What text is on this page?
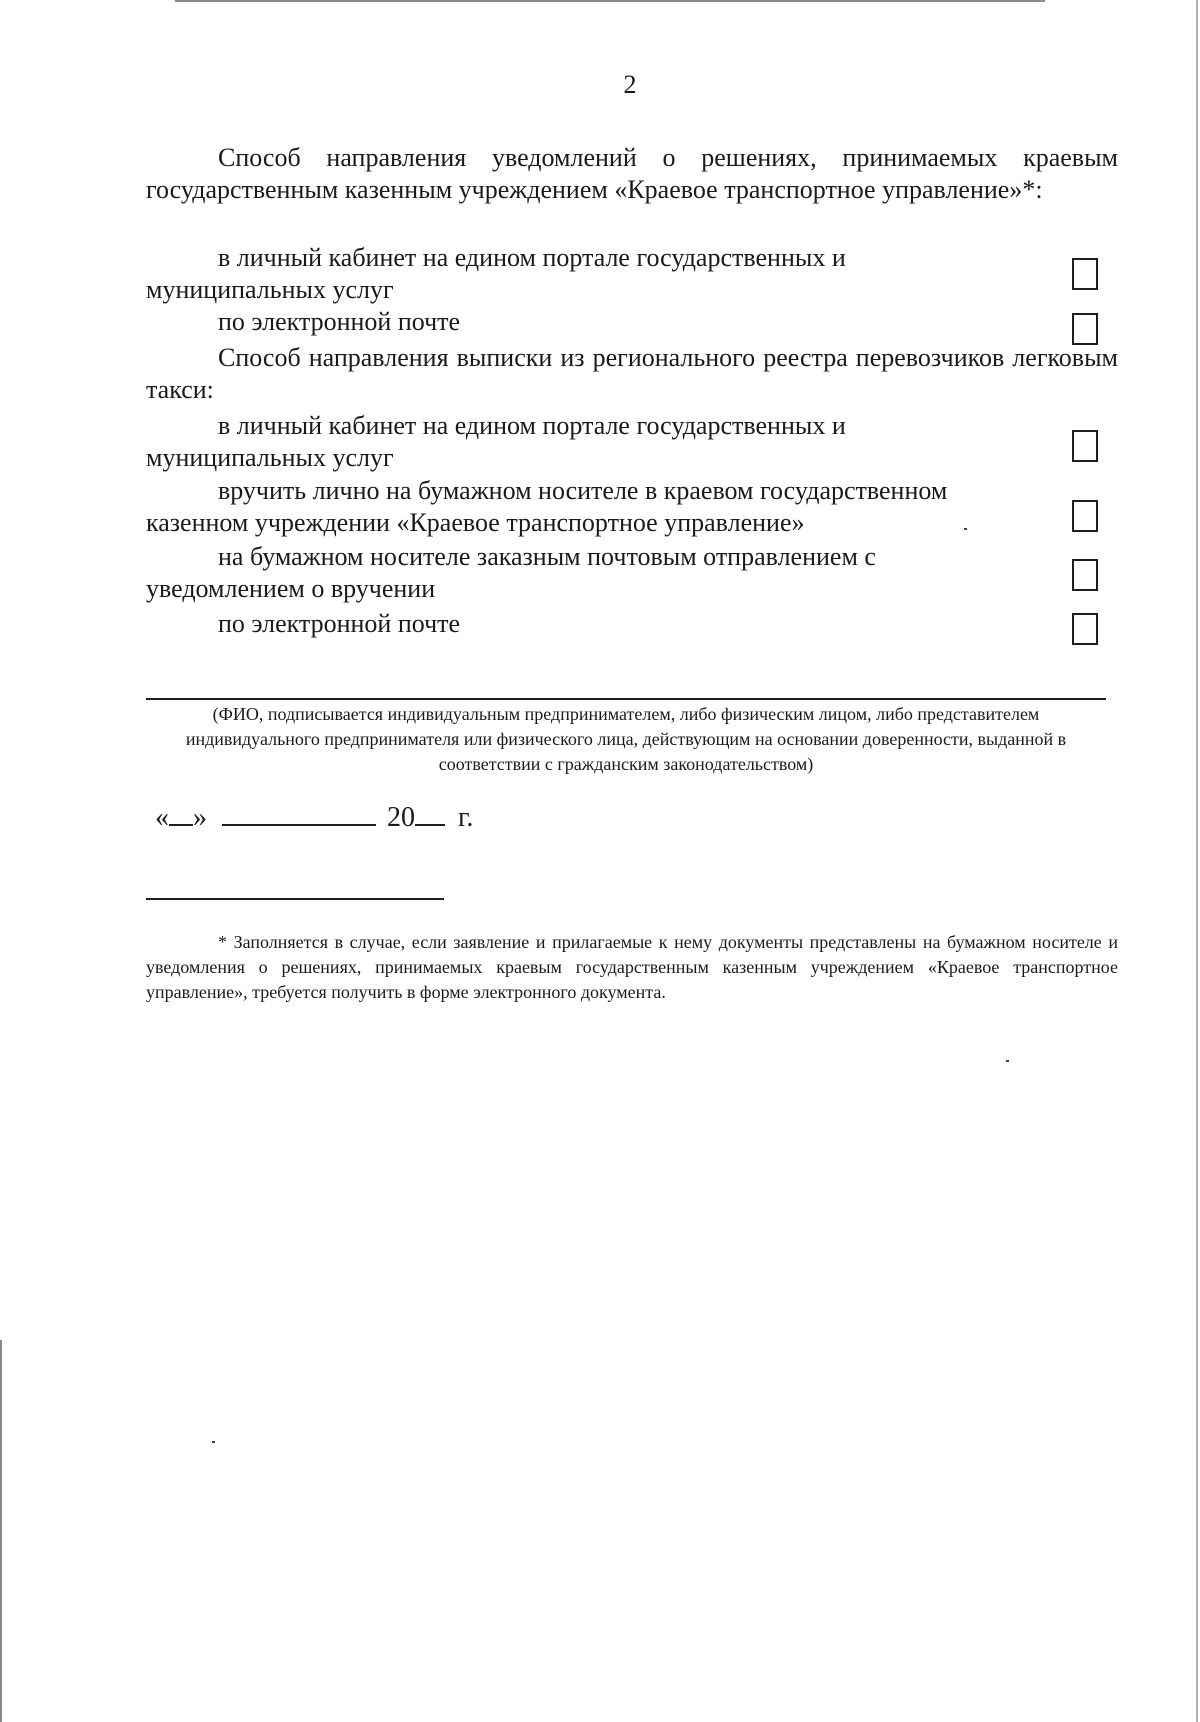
2

Способ направления уведомлений о решениях, принимаемых краевым государственным казенным учреждением «Краевое транспортное управление»*:

в личный кабинет на едином портале государственных и муниципальных услуг

по электронной почте

Способ направления выписки из регионального реестра перевозчиков легковым такси:

в личный кабинет на едином портале государственных и муниципальных услуг

вручить лично на бумажном носителе в краевом государственном казенном учреждении «Краевое транспортное управление»

на бумажном носителе заказным почтовым отправлением с уведомлением о вручении

по электронной почте

(ФИО, подписывается индивидуальным предпринимателем, либо физическим лицом, либо представителем индивидуального предпринимателя или физического лица, действующим на основании доверенности, выданной в соответствии с гражданским законодательством)

« »	20 г.

* Заполняется в случае, если заявление и прилагаемые к нему документы представлены на бумажном носителе и уведомления о решениях, принимаемых краевым государственным казенным учреждением «Краевое транспортное управление», требуется получить в форме электронного документа.
